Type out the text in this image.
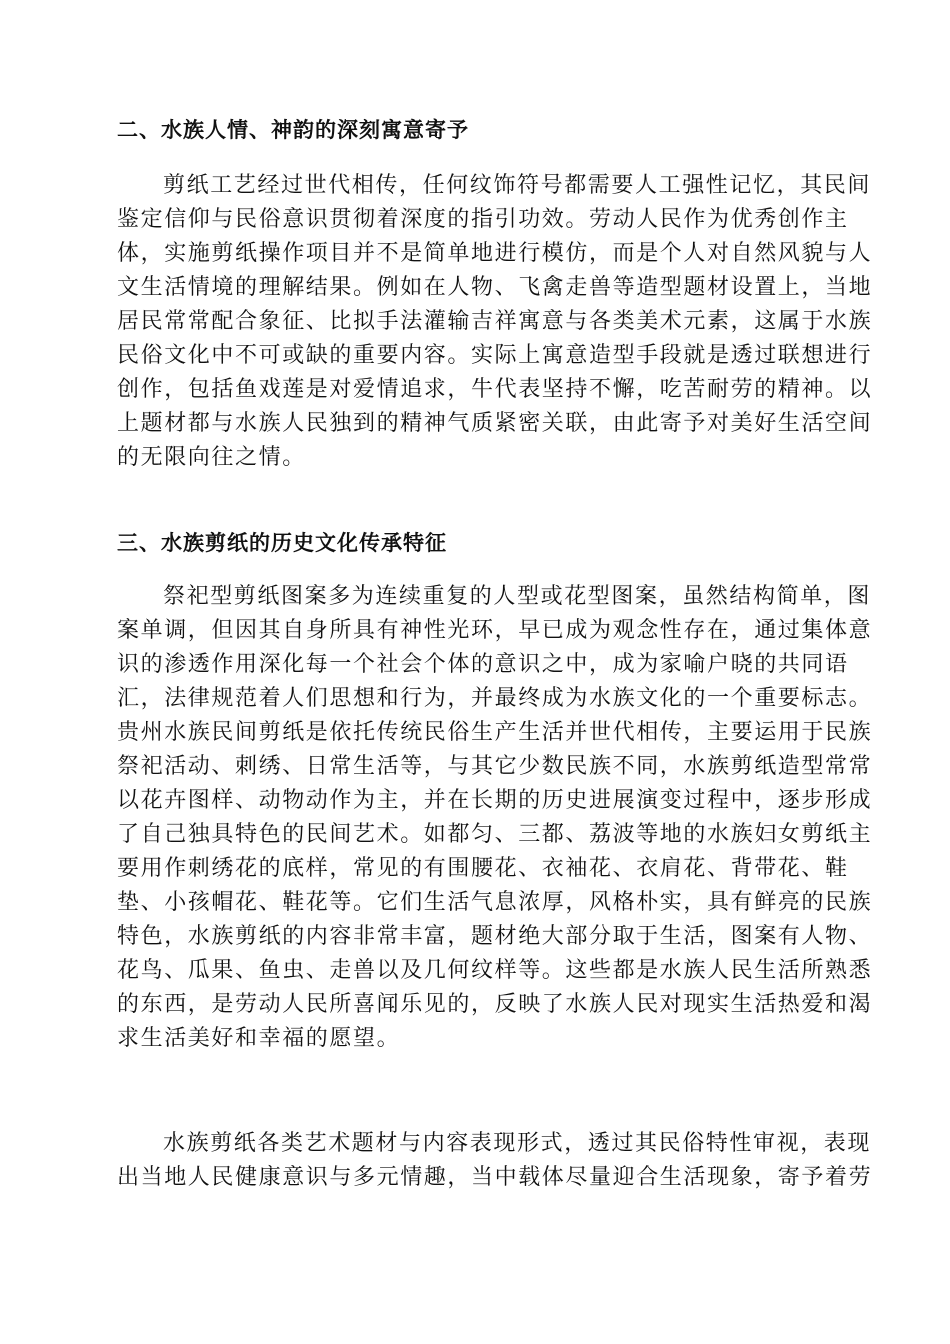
二、水族人情、神韵的深刻寓意寄予
剪纸工艺经过世代相传，任何纹饰符号都需要人工强性记忆，其民间
鉴定信仰与民俗意识贯彻着深度的指引功效。劳动人民作为优秀创作主
体，实施剪纸操作项目并不是简单地进行模仿，而是个人对自然风貌与人
文生活情境的理解结果。例如在人物、飞禽走兽等造型题材设置上，当地
居民常常配合象征、比拟手法灌输吉祥寓意与各类美术元素，这属于水族
民俗文化中不可或缺的重要内容。实际上寓意造型手段就是透过联想进行
创作，包括鱼戏莲是对爱情追求，牛代表坚持不懈，吃苦耐劳的精神。以
上题材都与水族人民独到的精神气质紧密关联，由此寄予对美好生活空间
的无限向往之情。
三、水族剪纸的历史文化传承特征
祭祀型剪纸图案多为连续重复的人型或花型图案，虽然结构简单，图
案单调，但因其自身所具有神性光环，早已成为观念性存在，通过集体意
识的渗透作用深化每一个社会个体的意识之中，成为家喻户晓的共同语
汇，法律规范着人们思想和行为，并最终成为水族文化的一个重要标志。
贵州水族民间剪纸是依托传统民俗生产生活并世代相传，主要运用于民族
祭祀活动、刺绣、日常生活等，与其它少数民族不同，水族剪纸造型常常
以花卉图样、动物动作为主，并在长期的历史进展演变过程中，逐步形成
了自己独具特色的民间艺术。如都匀、三都、荔波等地的水族妇女剪纸主
要用作刺绣花的底样，常见的有围腰花、衣袖花、衣肩花、背带花、鞋
垫、小孩帽花、鞋花等。它们生活气息浓厚，风格朴实，具有鲜亮的民族
特色，水族剪纸的内容非常丰富，题材绝大部分取于生活，图案有人物、
花鸟、瓜果、鱼虫、走兽以及几何纹样等。这些都是水族人民生活所熟悉
的东西，是劳动人民所喜闻乐见的，反映了水族人民对现实生活热爱和渴
求生活美好和幸福的愿望。
水族剪纸各类艺术题材与内容表现形式，透过其民俗特性审视，表现
出当地人民健康意识与多元情趣，当中载体尽量迎合生活现象，寄予着劳
